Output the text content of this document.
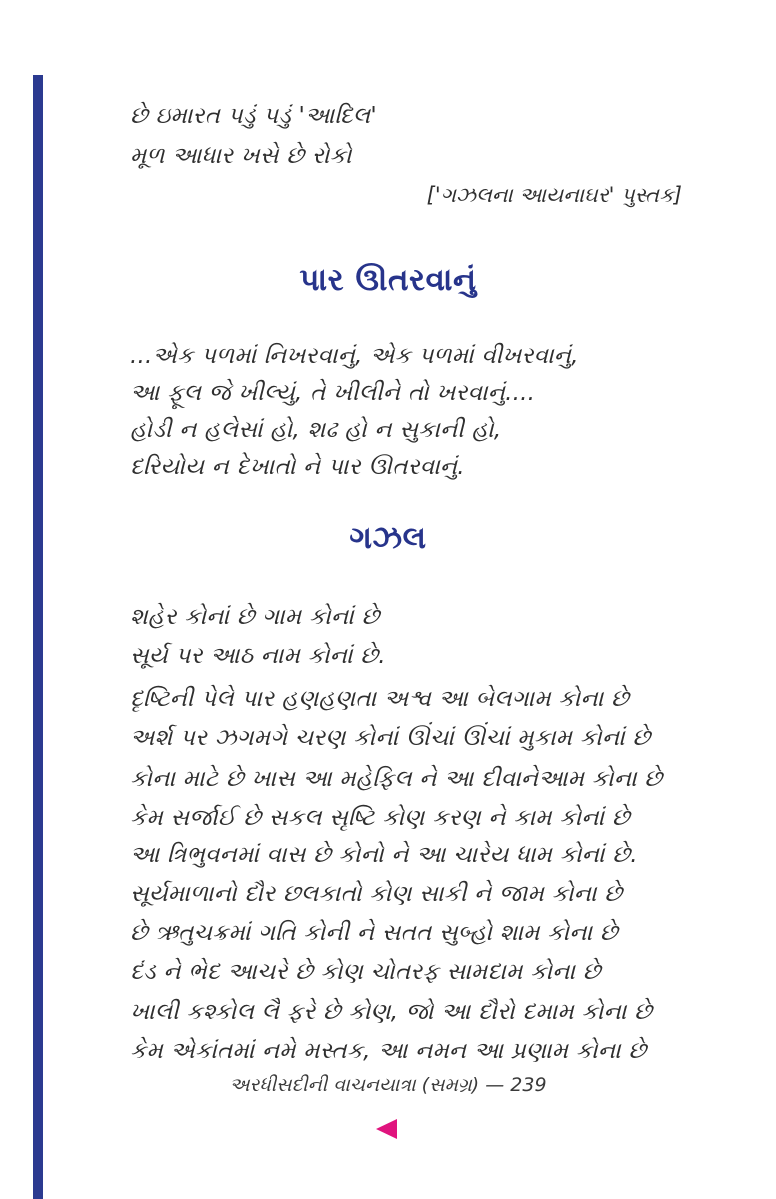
છે ઇમારત પડું પડું 'આદિલ'
મૂળ આધાર ખસે છે રોકો
['ગઝલના આયનાઘર' પુસ્તક]
પાર ઊતરવાનું
...એક પળમાં નિખરવાનું, એક પળમાં વીખરવાનું,
આ ફૂલ જે ખીલ્યું, તે ખીલીને તો ખરવાનું....
હોડી ન હલેસાં હો, શઢ હો ન સુકાની હો,
દરિયોય ન દેખાતો ને પાર ઊતરવાનું.
ગઝલ
શહેર કોનાં છે ગામ કોનાં છે
સૂર્ય પર આઠ નામ કોનાં છે.
દૃષ્ટિની પેલે પાર હણહણતા અશ્વ આ બેલગામ કોના છે
અર્શ પર ઝગમગે ચરણ કોનાં ઊંચાં ઊંચાં મુકામ કોનાં છે
કોના માટે છે ખાસ આ મહેફિલ ને આ દીવાનેઆમ કોના છે
કેમ સર્જાઈ છે સકલ સૃષ્ટિ કોણ કરણ ને કામ કોનાં છે
આ ત્રિભુવનમાં વાસ છે કોનો ને આ ચારેય ધામ કોનાં છે.
સૂર્યમાળાનો દૌર છલકાતો કોણ સાકી ને જામ કોના છે
છે ઋતુચક્રમાં ગતિ કોની ને સતત સુબ્હો શામ કોના છે
દંડ ને ભેદ આચરે છે કોણ ચોતરફ સામદામ કોના છે
ખાલી કશ્કોલ લૈ ફરે છે કોણ, જો આ દૌરો દમામ કોના છે
કેમ એકાંતમાં નમે મસ્તક, આ નમન આ પ્રણામ કોના છે
અરધીસદીની વાચનયાત્રા (સમગ્ર) — 239
